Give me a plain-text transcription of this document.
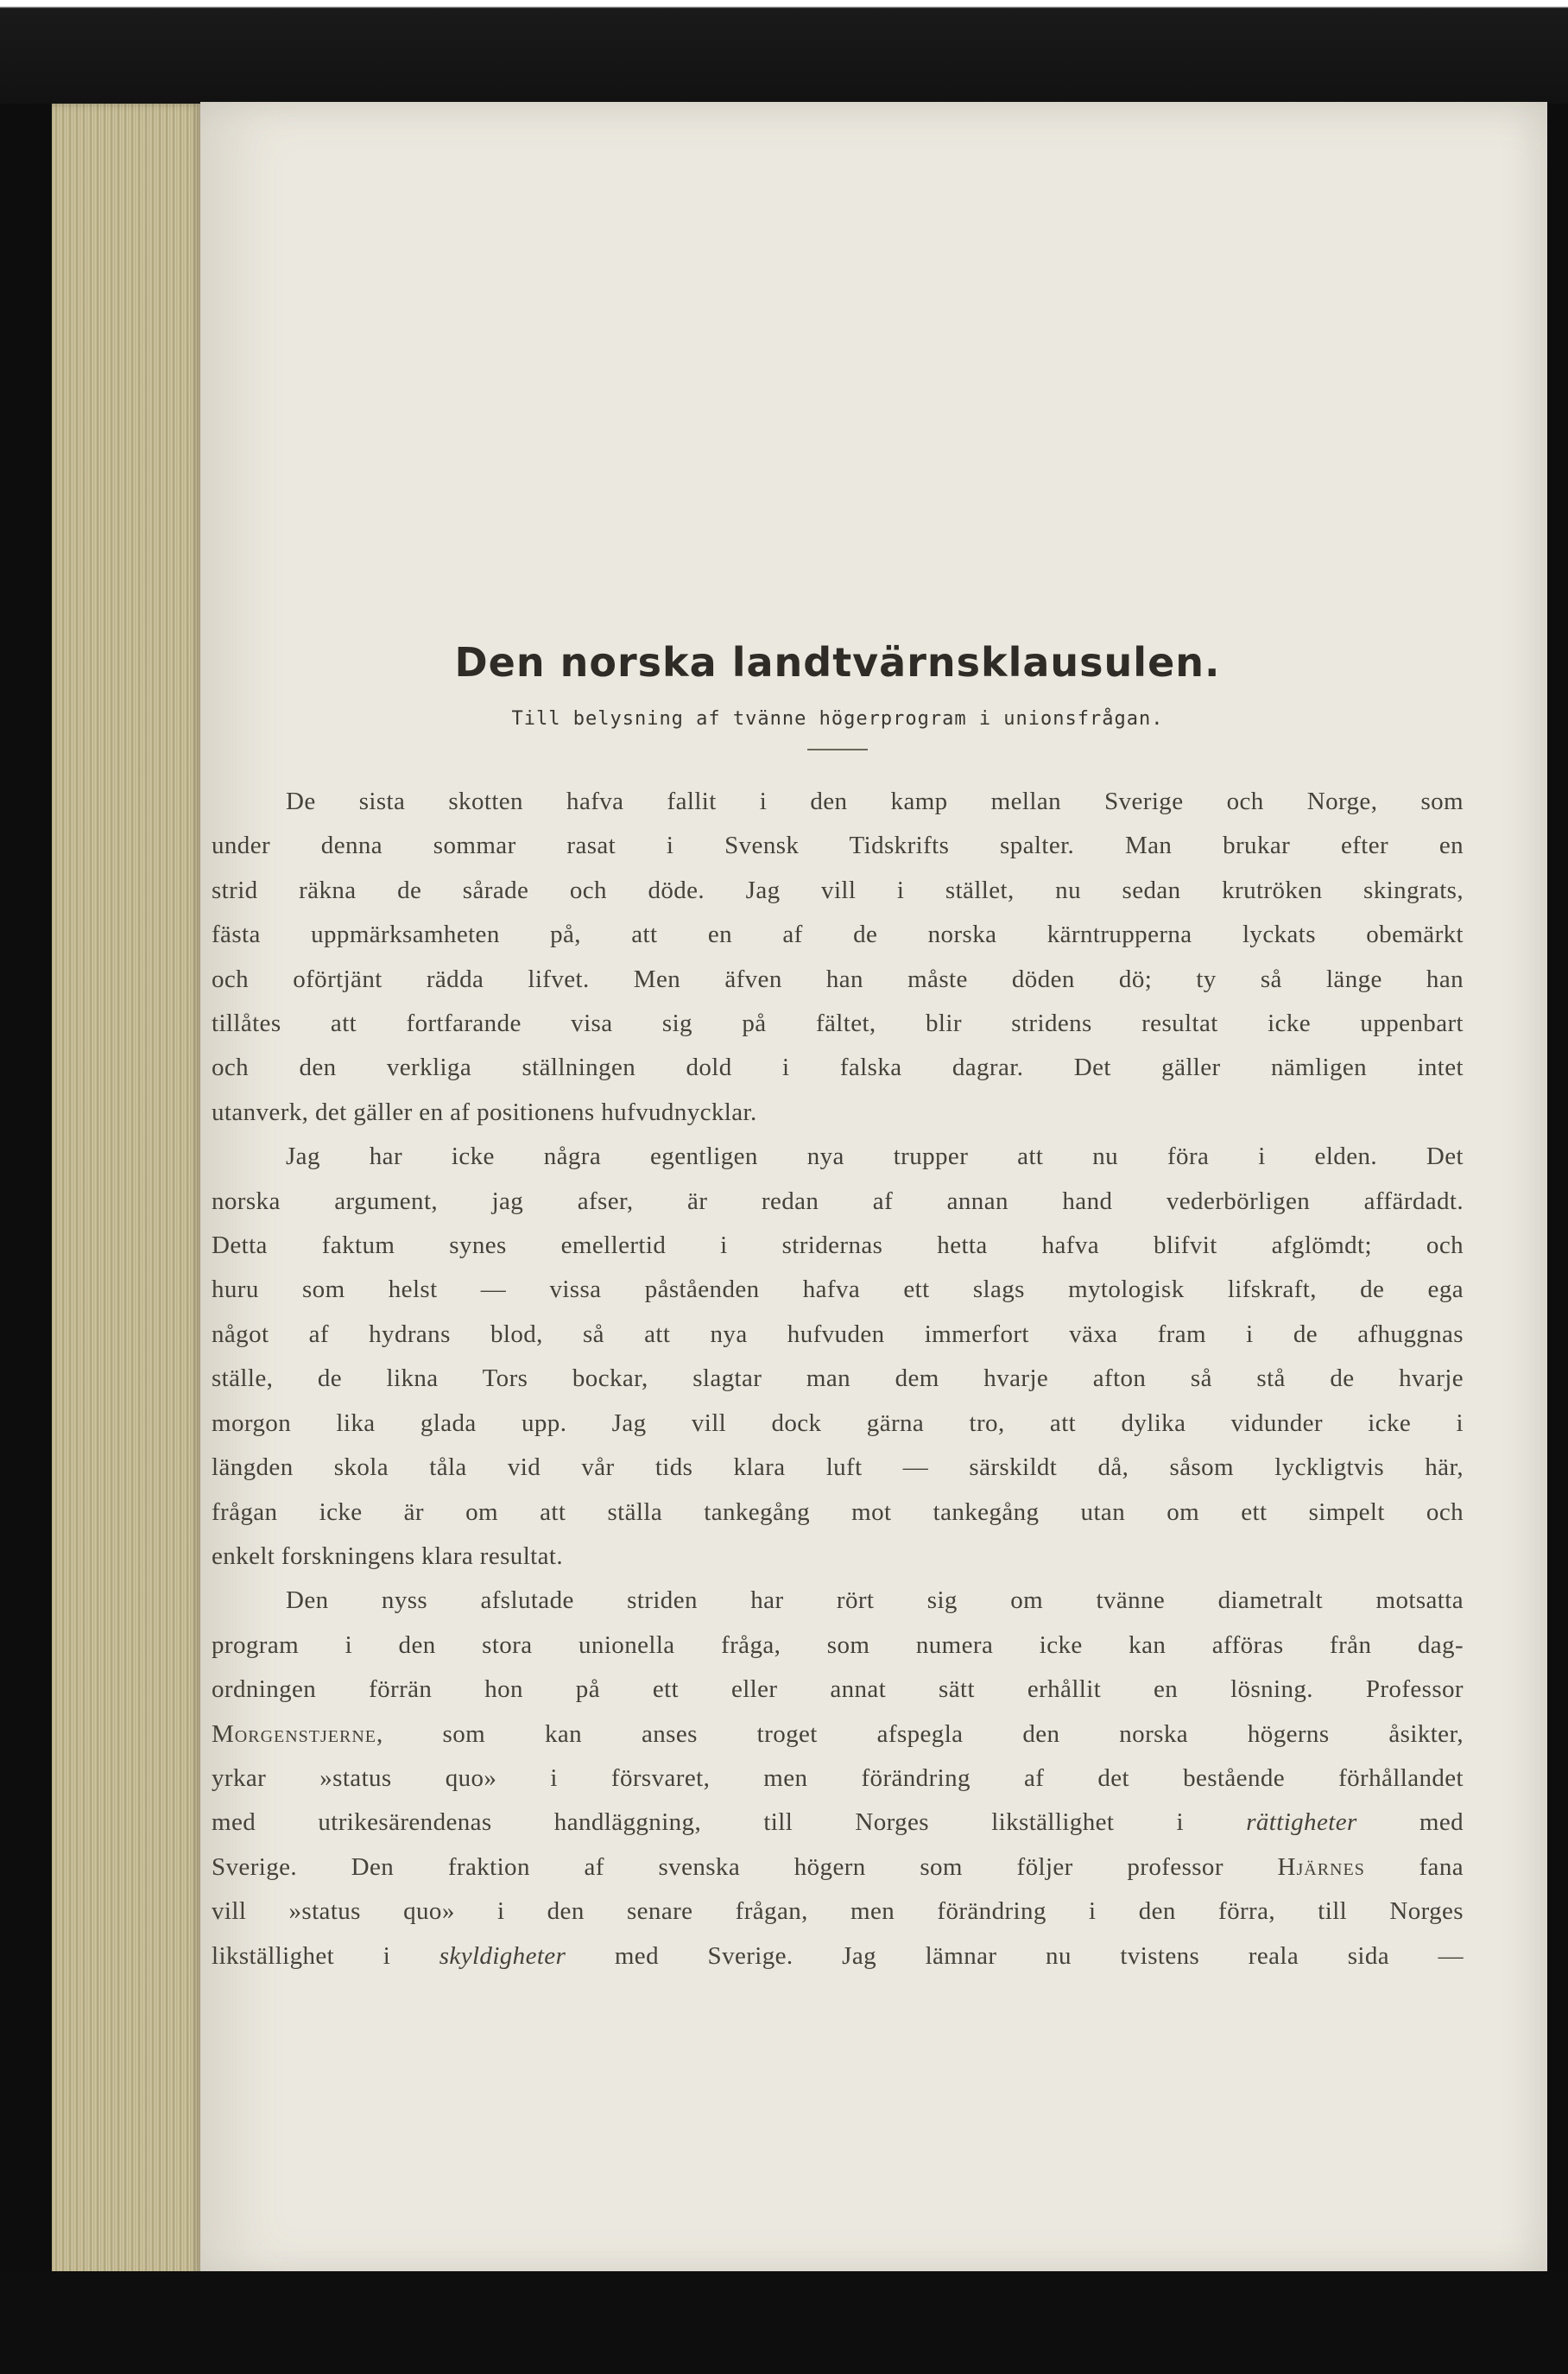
Den norska landtvärnsklausulen.
Till belysning af tvänne högerprogram i unionsfrågan.

De sista skotten hafva fallit i den kamp mellan Sverige och Norge, som

under denna sommar rasat i Svensk Tidskrifts spalter. Man brukar efter en

strid räkna de sårade och döde. Jag vill i stället, nu sedan krutröken skingrats,

fästa uppmärksamheten på, att en af de norska kärntrupperna lyckats obemärkt

och oförtjänt rädda lifvet. Men äfven han måste döden dö; ty så länge han

tillåtes att fortfarande visa sig på fältet, blir stridens resultat icke uppenbart

och den verkliga ställningen dold i falska dagrar. Det gäller nämligen intet

utanverk, det gäller en af positionens hufvudnycklar.

Jag har icke några egentligen nya trupper att nu föra i elden. Det

norska argument, jag afser, är redan af annan hand vederbörligen affärdadt.

Detta faktum synes emellertid i stridernas hetta hafva blifvit afglömdt; och

huru som helst — vissa påståenden hafva ett slags mytologisk lifskraft, de ega

något af hydrans blod, så att nya hufvuden immerfort växa fram i de afhuggnas

ställe, de likna Tors bockar, slagtar man dem hvarje afton så stå de hvarje

morgon lika glada upp. Jag vill dock gärna tro, att dylika vidunder icke i

längden skola tåla vid vår tids klara luft — särskildt då, såsom lyckligtvis här,

frågan icke är om att ställa tankegång mot tankegång utan om ett simpelt och

enkelt forskningens klara resultat.

Den nyss afslutade striden har rört sig om tvänne diametralt motsatta

program i den stora unionella fråga, som numera icke kan afföras från dag-

ordningen förrän hon på ett eller annat sätt erhållit en lösning. Professor

Morgenstjerne, som kan anses troget afspegla den norska högerns åsikter,

yrkar »status quo» i försvaret, men förändring af det bestående förhållandet

med utrikesärendenas handläggning, till Norges likställighet i rättigheter med

Sverige. Den fraktion af svenska högern som följer professor Hjärnes fana

vill »status quo» i den senare frågan, men förändring i den förra, till Norges

likställighet i skyldigheter med Sverige. Jag lämnar nu tvistens reala sida —
